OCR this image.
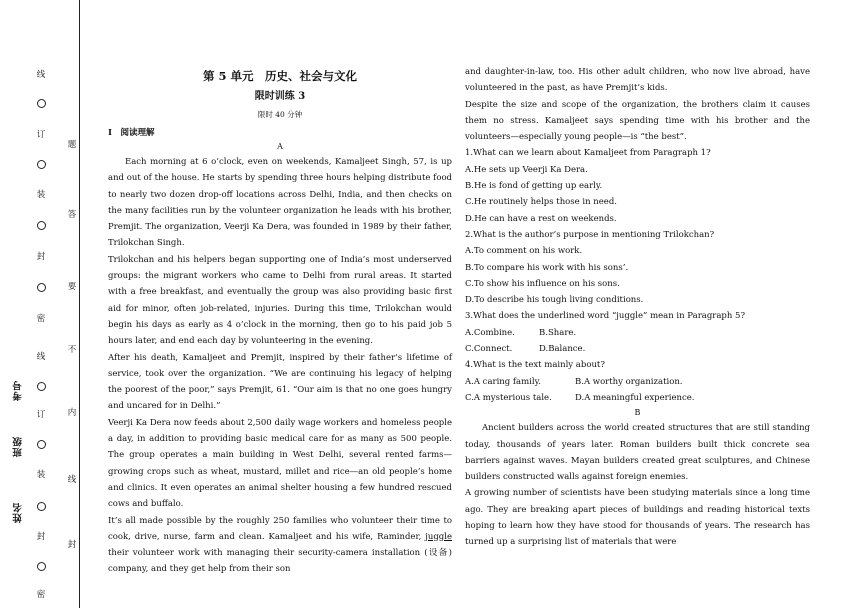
线
订
装
封
密
线
订
装
封
密
题
答
要
不
内
线
封
考号
班级
姓名
第 5 单元　历史、社会与文化
限时训练 3
限时 40 分钟
Ⅰ　阅读理解
A

Each morning at 6 o’clock, even on weekends, Kamaljeet Singh, 57, is up and out of the house. He starts by spending three hours helping distribute food to nearly two dozen drop-off locations across Delhi, India, and then checks on the many facilities run by the volunteer organization he leads with his brother, Premjit. The organization, Veerji Ka Dera, was founded in 1989 by their father, Trilokchan Singh.

Trilokchan and his helpers began supporting one of India’s most underserved groups: the migrant workers who came to Delhi from rural areas. It started with a free breakfast, and eventually the group was also providing basic first aid for minor, often job-related, injuries. During this time, Trilokchan would begin his days as early as 4 o’clock in the morning, then go to his paid job 5 hours later, and end each day by volunteering in the evening.

After his death, Kamaljeet and Premjit, inspired by their father’s lifetime of service, took over the organization. “We are continuing his legacy of helping the poorest of the poor,” says Premjit, 61. “Our aim is that no one goes hungry and uncared for in Delhi.”

Veerji Ka Dera now feeds about 2,500 daily wage workers and homeless people a day, in addition to providing basic medical care for as many as 500 people. The group operates a main building in West Delhi, several rented farms—growing crops such as wheat, mustard, millet and rice—an old people’s home and clinics. It even operates an animal shelter housing a few hundred rescued cows and buffalo.

It’s all made possible by the roughly 250 families who volunteer their time to cook, drive, nurse, farm and clean. Kamaljeet and his wife, Raminder, juggle their volunteer work with managing their security-camera installation (设备) company, and they get help from their son

and daughter-in-law, too. His other adult children, who now live abroad, have volunteered in the past, as have Premjit’s kids.

Despite the size and scope of the organization, the brothers claim it causes them no stress. Kamaljeet says spending time with his brother and the volunteers—especially young people—is “the best”.

1.What can we learn about Kamaljeet from Paragraph 1?
A.He sets up Veerji Ka Dera.
B.He is fond of getting up early.
C.He routinely helps those in need.
D.He can have a rest on weekends.
2.What is the author’s purpose in mentioning Trilokchan?
A.To comment on his work.
B.To compare his work with his sons’.
C.To show his influence on his sons.
D.To describe his tough living conditions.
3.What does the underlined word “juggle” mean in Paragraph 5?
A.Combine.	B.Share.
C.Connect.	D.Balance.
4.What is the text mainly about?
A.A caring family.	B.A worthy organization.
C.A mysterious tale.	D.A meaningful experience.
B

Ancient builders across the world created structures that are still standing today, thousands of years later. Roman builders built thick concrete sea barriers against waves. Mayan builders created great sculptures, and Chinese builders constructed walls against foreign enemies.

A growing number of scientists have been studying materials since a long time ago. They are breaking apart pieces of buildings and reading historical texts hoping to learn how they have stood for thousands of years. The research has turned up a surprising list of materials that were
